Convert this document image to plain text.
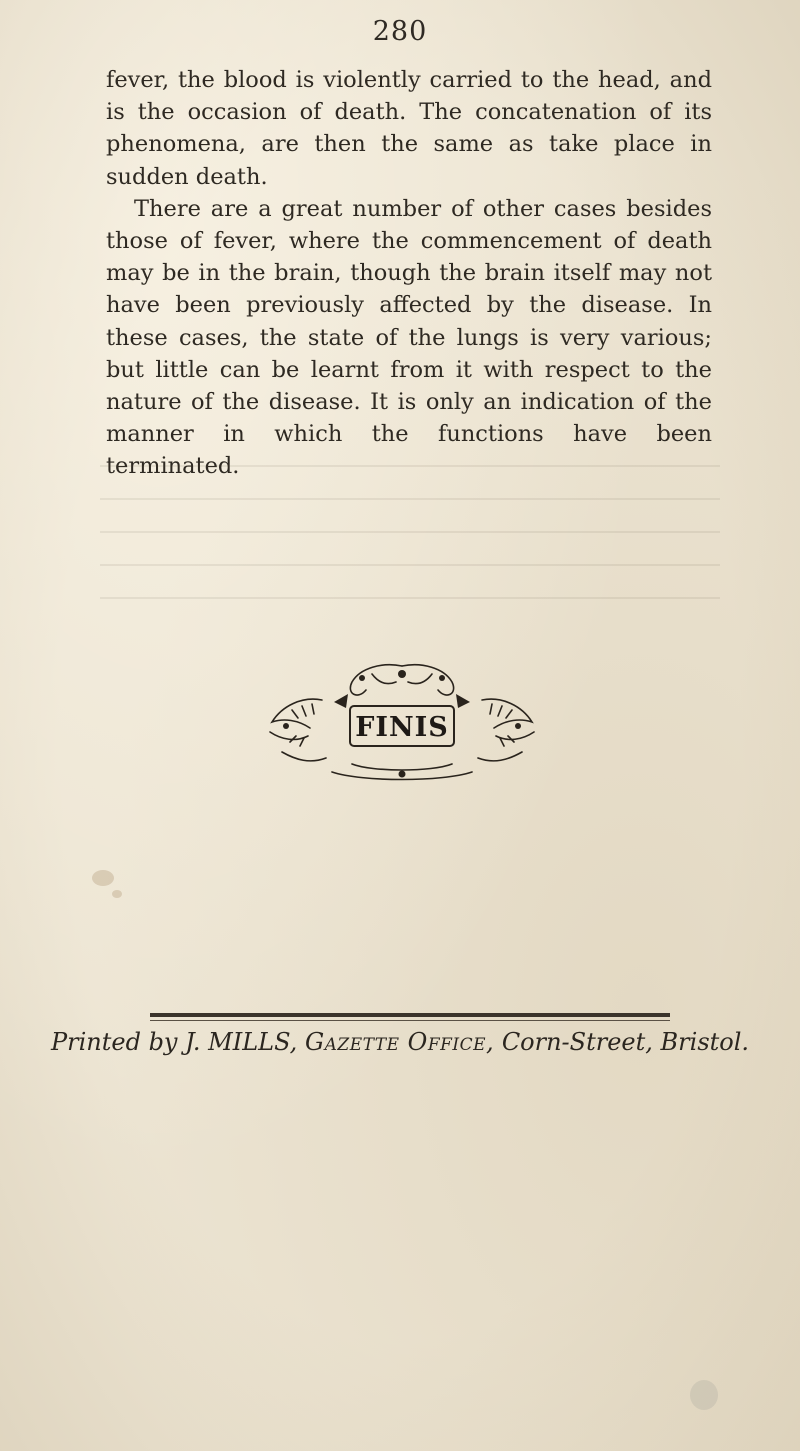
280

fever, the blood is violently carried to the head, and is the occasion of death. The concatenation of its phenomena, are then the same as take place in sudden death.

There are a great number of other cases besides those of fever, where the commencement of death may be in the brain, though the brain itself may not have been previously affected by the disease. In these cases, the state of the lungs is very various; but little can be learnt from it with respect to the nature of the disease. It is only an indication of the manner in which the functions have been terminated.

FINIS
Printed by J. MILLS, Gazette Office, Corn-Street, Bristol.
